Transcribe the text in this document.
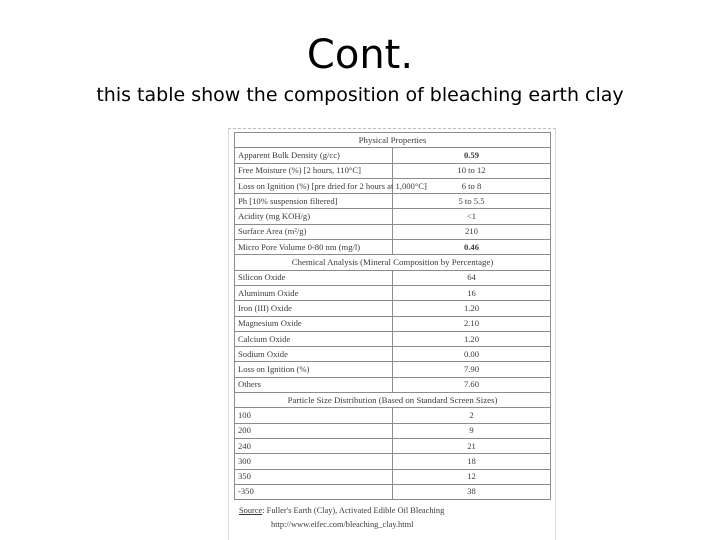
Cont.
this table show the composition of bleaching earth clay
Physical Properties	
Apparent Bulk Density (g/cc)	0.59
Free Moisture (%) [2 hours, 110°C]	10 to 12
Loss on Ignition (%) [pre dried for 2 hours at 1,000°C]	6 to 8
Ph [10% suspension filtered]	5 to 5.5
Acidity (mg KOH/g)	<1
Surface Area (m²/g)	210
Micro Pore Volume 0-80 nm (mg/l)	0.46
Chemical Analysis (Mineral Composition by Percentage)	
Silicon Oxide	64
Aluminum Oxide	16
Iron (III) Oxide	1.20
Magnesium Oxide	2.10
Calcium Oxide	1.20
Sodium Oxide	0.00
Loss on Ignition (%)	7.90
Others	7.60
Particle Size Distribution (Based on Standard Screen Sizes)	
100	2
200	9
240	21
300	18
350	12
-350	38
Source: Fuller's Earth (Clay), Activated Edible Oil Bleaching
http://www.eifec.com/bleaching_clay.html
